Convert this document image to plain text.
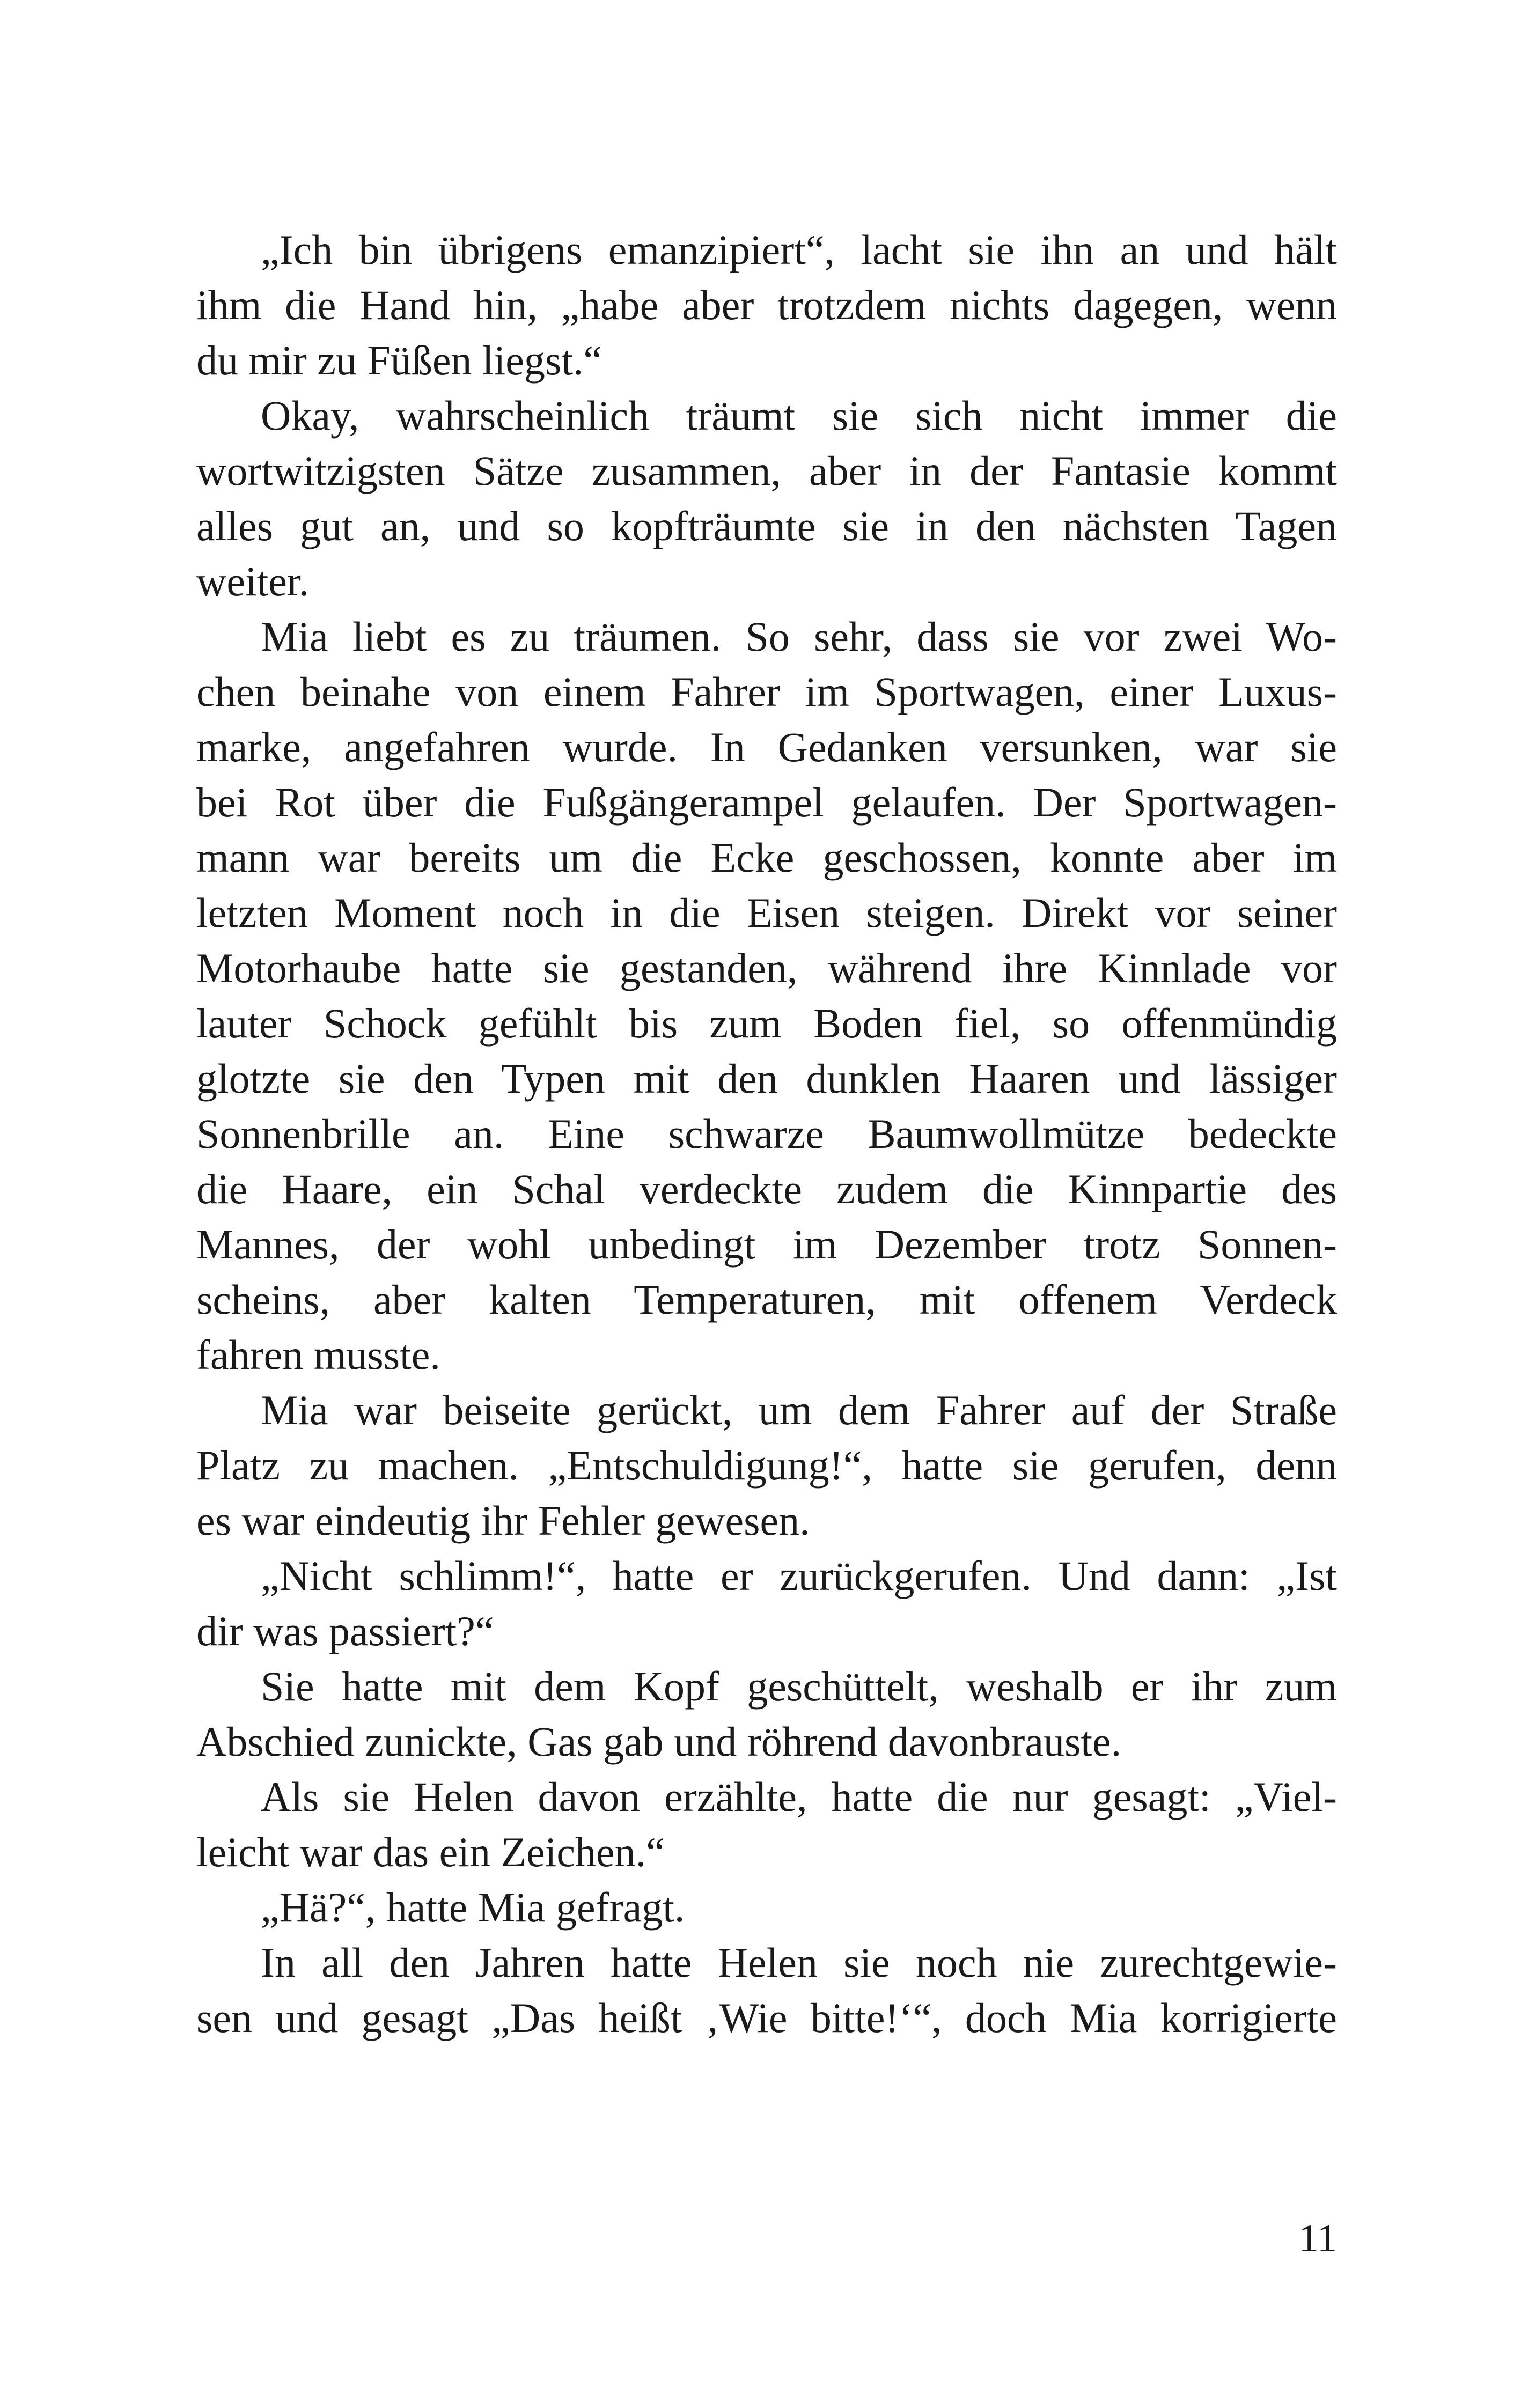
„Ich bin übrigens emanzipiert“, lacht sie ihn an und hält
ihm die Hand hin, „habe aber trotzdem nichts dagegen, wenn
du mir zu Füßen liegst.“
Okay, wahrscheinlich träumt sie sich nicht immer die
wortwitzigsten Sätze zusammen, aber in der Fantasie kommt
alles gut an, und so kopfträumte sie in den nächsten Tagen
weiter.
Mia liebt es zu träumen. So sehr, dass sie vor zwei Wo-
chen beinahe von einem Fahrer im Sportwagen, einer Luxus-
marke, angefahren wurde. In Gedanken versunken, war sie
bei Rot über die Fußgängerampel gelaufen. Der Sportwagen-
mann war bereits um die Ecke geschossen, konnte aber im
letzten Moment noch in die Eisen steigen. Direkt vor seiner
Motorhaube hatte sie gestanden, während ihre Kinnlade vor
lauter Schock gefühlt bis zum Boden fiel, so offenmündig
glotzte sie den Typen mit den dunklen Haaren und lässiger
Sonnenbrille an. Eine schwarze Baumwollmütze bedeckte
die Haare, ein Schal verdeckte zudem die Kinnpartie des
Mannes, der wohl unbedingt im Dezember trotz Sonnen-
scheins, aber kalten Temperaturen, mit offenem Verdeck
fahren musste.
Mia war beiseite gerückt, um dem Fahrer auf der Straße
Platz zu machen. „Entschuldigung!“, hatte sie gerufen, denn
es war eindeutig ihr Fehler gewesen.
„Nicht schlimm!“, hatte er zurückgerufen. Und dann: „Ist
dir was passiert?“
Sie hatte mit dem Kopf geschüttelt, weshalb er ihr zum
Abschied zunickte, Gas gab und röhrend davonbrauste.
Als sie Helen davon erzählte, hatte die nur gesagt: „Viel-
leicht war das ein Zeichen.“
„Hä?“, hatte Mia gefragt.
In all den Jahren hatte Helen sie noch nie zurechtgewie-
sen und gesagt „Das heißt ‚Wie bitte!‘“, doch Mia korrigierte
11
